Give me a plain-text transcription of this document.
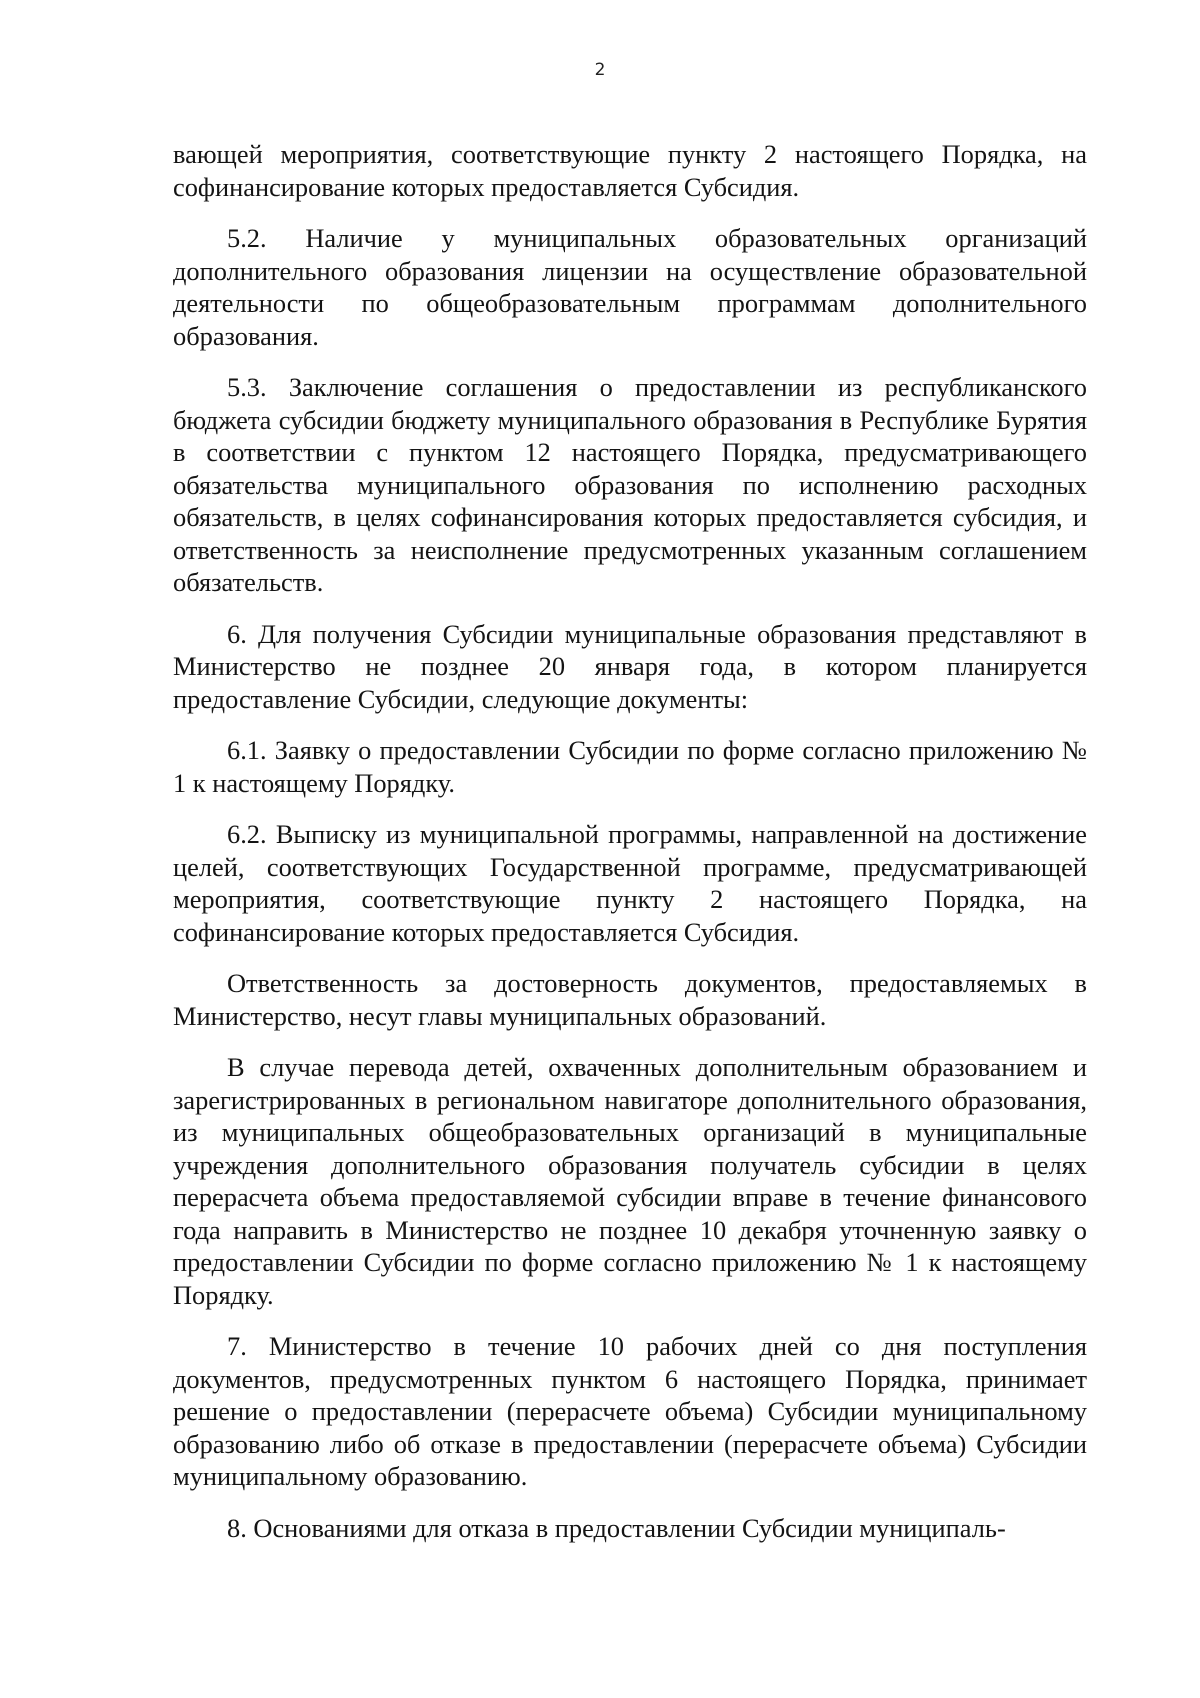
2

вающей мероприятия, соответствующие пункту 2 настоящего Порядка, на софинансирование которых предоставляется Субсидия.

5.2. Наличие у муниципальных образовательных организаций дополнительного образования лицензии на осуществление образовательной деятельности по общеобразовательным программам дополнительного образования.

5.3. Заключение соглашения о предоставлении из республиканского бюджета субсидии бюджету муниципального образования в Республике Бурятия в соответствии с пунктом 12 настоящего Порядка, предусматривающего обязательства муниципального образования по исполнению расходных обязательств, в целях софинансирования которых предоставляется субсидия, и ответственность за неисполнение предусмотренных указанным соглашением обязательств.

6. Для получения Субсидии муниципальные образования представляют в Министерство не позднее 20 января года, в котором планируется предоставление Субсидии, следующие документы:

6.1. Заявку о предоставлении Субсидии по форме согласно приложению № 1 к настоящему Порядку.

6.2. Выписку из муниципальной программы, направленной на достижение целей, соответствующих Государственной программе, предусматривающей мероприятия, соответствующие пункту 2 настоящего Порядка, на софинансирование которых предоставляется Субсидия.

Ответственность за достоверность документов, предоставляемых в Министерство, несут главы муниципальных образований.

В случае перевода детей, охваченных дополнительным образованием и зарегистрированных в региональном навигаторе дополнительного образования, из муниципальных общеобразовательных организаций в муниципальные учреждения дополнительного образования получатель субсидии в целях перерасчета объема предоставляемой субсидии вправе в течение финансового года направить в Министерство не позднее 10 декабря уточненную заявку о предоставлении Субсидии по форме согласно приложению № 1 к настоящему Порядку.

7. Министерство в течение 10 рабочих дней со дня поступления документов, предусмотренных пунктом 6 настоящего Порядка, принимает решение о предоставлении (перерасчете объема) Субсидии муниципальному образованию либо об отказе в предоставлении (перерасчете объема) Субсидии муниципальному образованию.

8. Основаниями для отказа в предоставлении Субсидии муниципаль-
